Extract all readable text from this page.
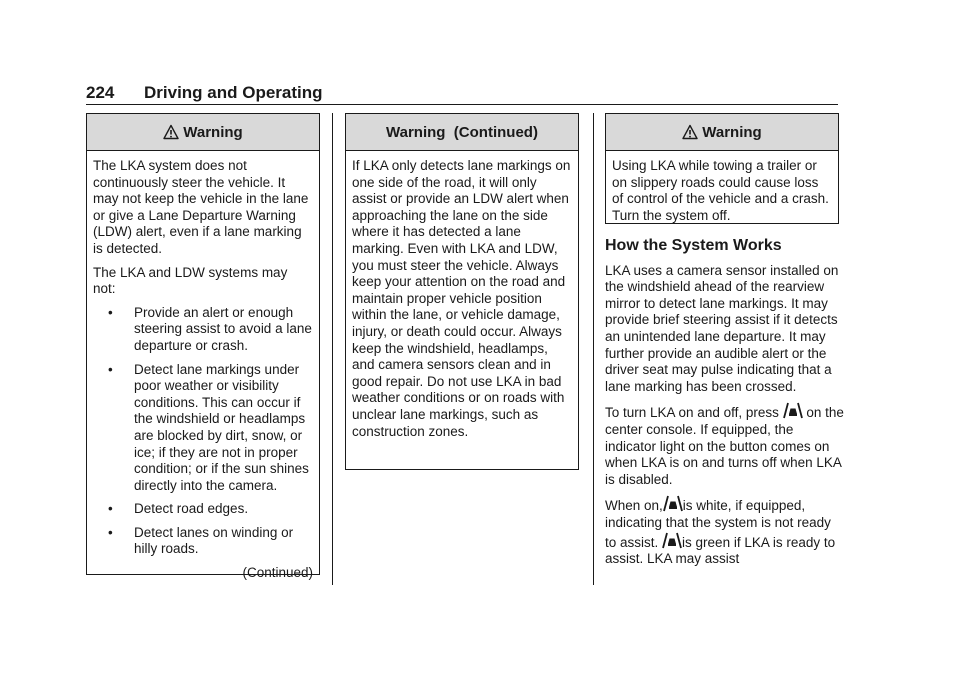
224 Driving and Operating
Warning

The LKA system does not continuously steer the vehicle. It may not keep the vehicle in the lane or give a Lane Departure Warning (LDW) alert, even if a lane marking is detected.

The LKA and LDW systems may not:

• Provide an alert or enough steering assist to avoid a lane departure or crash.
• Detect lane markings under poor weather or visibility conditions. This can occur if the windshield or headlamps are blocked by dirt, snow, or ice; if they are not in proper condition; or if the sun shines directly into the camera.
• Detect road edges.
• Detect lanes on winding or hilly roads.
(Continued)
Warning  (Continued)

If LKA only detects lane markings on one side of the road, it will only assist or provide an LDW alert when approaching the lane on the side where it has detected a lane marking. Even with LKA and LDW, you must steer the vehicle. Always keep your attention on the road and maintain proper vehicle position within the lane, or vehicle damage, injury, or death could occur. Always keep the windshield, headlamps, and camera sensors clean and in good repair. Do not use LKA in bad weather conditions or on roads with unclear lane markings, such as construction zones.

Warning

Using LKA while towing a trailer or on slippery roads could cause loss of control of the vehicle and a crash. Turn the system off.

How the System Works

LKA uses a camera sensor installed on the windshield ahead of the rearview mirror to detect lane markings. It may provide brief steering assist if it detects an unintended lane departure. It may further provide an audible alert or the driver seat may pulse indicating that a lane marking has been crossed.

To turn LKA on and off, press on the center console. If equipped, the indicator light on the button comes on when LKA is on and turns off when LKA is disabled.

When on, is white, if equipped, indicating that the system is not ready to assist. is green if LKA is ready to assist. LKA may assist
